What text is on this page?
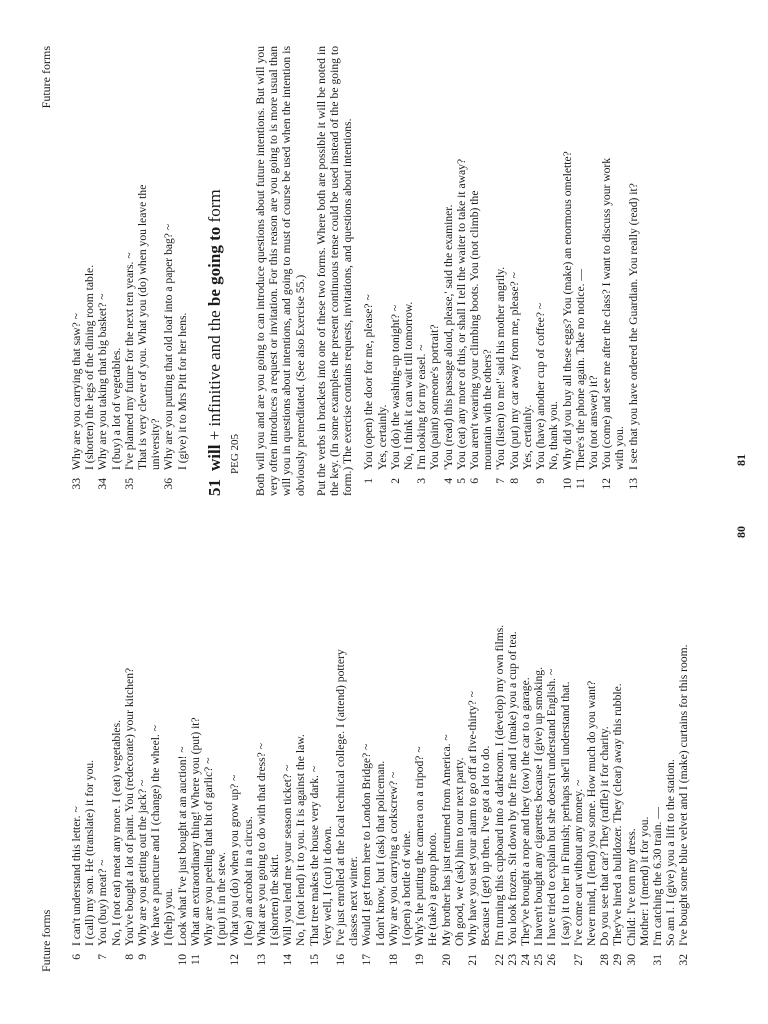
Future forms 6
I can't understand this letter. ~ I (call) my son. He (translate) it for you.
7
You (buy) meat? ~ No, I (not eat) meat any more. I (eat) vegetables.
8
You've bought a lot of paint. You (redecorate) your kitchen?
9
Why are you getting out the jack? ~ We have a puncture and I (change) the wheel. ~ I (help) you.
10
Look what I've just bought at an auction! ~
11
What an extraordinary thing! Where you (put) it? Why are you peeling that bit of garlic? ~ I (put) it in the stew.
12
What you (do) when you grow up? ~ I (be) an acrobat in a circus.
13
What are you going to do with that dress? ~ I (shorten) the skirt.
14
Will you lend me your season ticket? ~ No, I (not lend) it to you. It is against the law.
15
That tree makes the house very dark. ~ Very well, I (cut) it down.
16
I've just enrolled at the local technical college. I (attend) pottery classes next winter.
17
Would I get from here to London Bridge? ~ I don't know, but I (ask) that policeman.
18
Why are you carrying a corkscrew? ~ I (open) a bottle of wine.
19
Why's he putting the camera on a tripod? ~ He (take) a group photo.
20
My brother has just returned from America. ~ Oh good, we (ask) him to our next party.
21
Why have you set your alarm to go off at five-thirty? ~ Because I (get) up then. I've got a lot to do.
22
I'm turning this cupboard into a darkroom. I (develop) my own films.
23
You look frozen. Sit down by the fire and I (make) you a cup of tea.
24
They've brought a rope and they (tow) the car to a garage.
25
I haven't bought any cigarettes because I (give) up smoking.
26
I have tried to explain but she doesn't understand English. ~ I (say) it to her in Finnish; perhaps she'll understand that.
27
I've come out without any money. ~ Never mind, I (lend) you some. How much do you want?
28
Do you see that car? They (raffle) it for charity.
29
They've hired a bulldozer. They (clear) away this rubble.
30
Child: I've torn my dress. Mother: I (mend) it for you.
31
I'm catching the 6.30 train. — So am I. I (give) you a lift to the station.
32
I've bought some blue velvet and I (make) curtains for this room.
80
Future forms
33
Why are you carrying that saw? ~ I (shorten) the legs of the dining room table.
34
Why are you taking that big basket? ~ I (buy) a lot of vegetables.
35
I've planned my future for the next ten years. ~ That is very clever of you. What you (do) when you leave the university?
36
Why are you putting that old loaf into a paper bag? ~ I (give) it to Mrs Pitt for her hens.
51will + infinitive and the be going to form
PEG 205 Both will you and are you going to can introduce questions about future intentions. But will you very often introduces a request or invitation. For this reason are you going to is more usual than will you in questions about intentions, and going to must of course be used when the intention is obviously premeditated. (See also Exercise 55.) Put the verbs in brackets into one of these two forms. Where both are possible it will be noted in the key. (In some examples the present continuous tense could be used instead of the be going to form.) The exercise contains requests, invitations, and questions about intentions. 1
You (open) the door for me, please? ~ Yes, certainly.
2
You (do) the washing-up tonight? ~ No, I think it can wait till tomorrow.
3
I'm looking for my easel. ~ You (paint) someone's portrait?
4
'You (read) this passage aloud, please,' said the examiner.
5
You (eat) any more of this, or shall I tell the waiter to take it away?
6
You aren't wearing your climbing boots. You (not climb) the mountain with the others?
7
'You (listen) to me!' said his mother angrily.
8
You (put) my car away from me, please? ~ Yes, certainly.
9
You (have) another cup of coffee? ~ No, thank you.
10
Why did you buy all these eggs? You (make) an enormous omelette?
11
There's the phone again. Take no notice. — You (not answer) it?
12
You (come) and see me after the class? I want to discuss your work with you.
13
I see that you have ordered the Guardian. You really (read) it?	81
